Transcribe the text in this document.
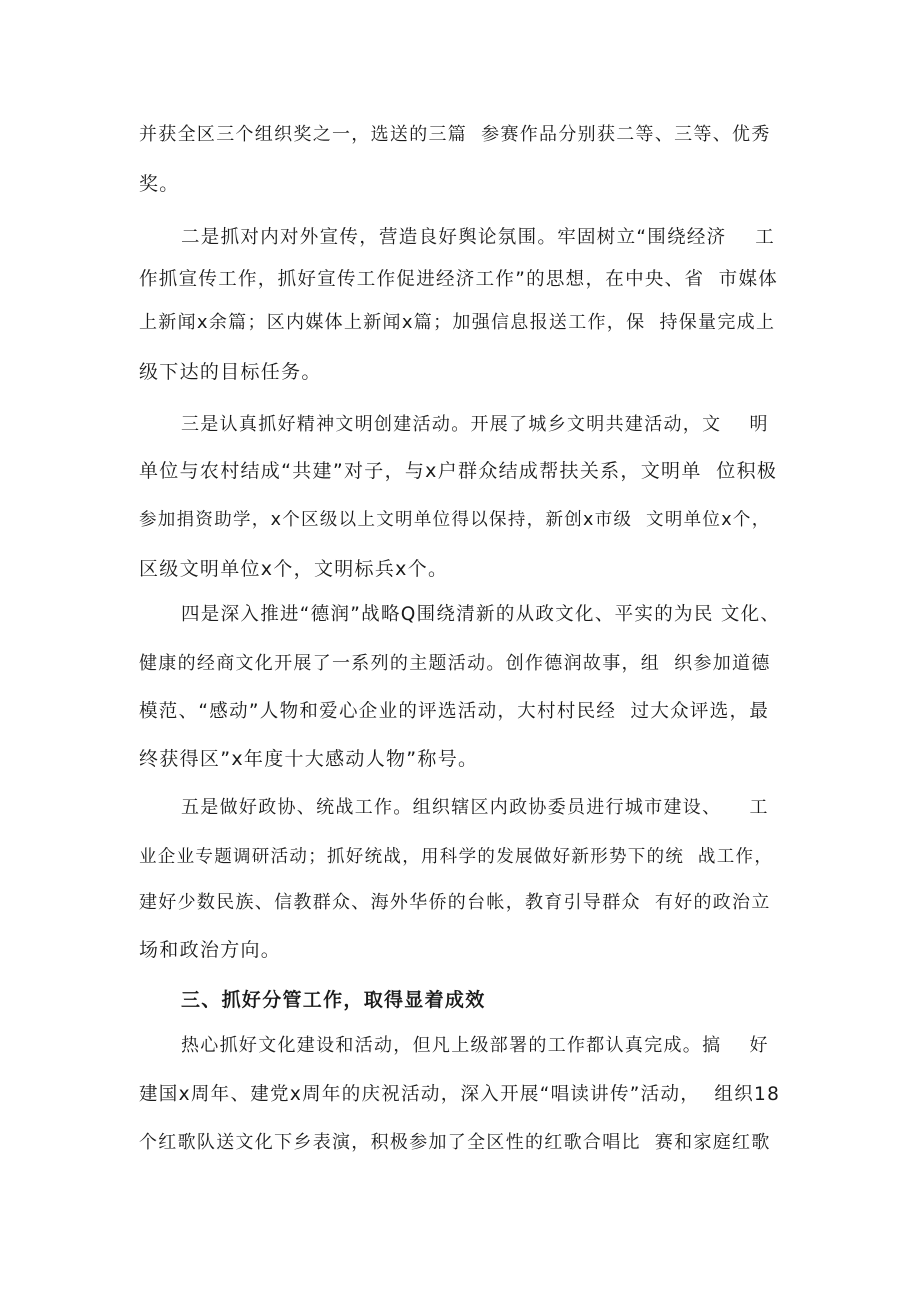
并获全区三个组织奖之一，选送的三篇  参赛作品分别获二等、三等、优秀
奖。
二是抓对内对外宣传，营造良好舆论氛围。牢固树立“围绕经济    工
作抓宣传工作，抓好宣传工作促进经济工作”的思想，在中央、省  市媒体
上新闻x余篇；区内媒体上新闻x篇；加强信息报送工作，保  持保量完成上
级下达的目标任务。
三是认真抓好精神文明创建活动。开展了城乡文明共建活动，文    明
单位与农村结成“共建”对子，与x户群众结成帮扶关系，文明单  位积极
参加捐资助学，x个区级以上文明单位得以保持，新创x市级  文明单位x个，
区级文明单位x个，文明标兵x个。
四是深入推进“德润”战略Q围绕清新的从政文化、平实的为民 文化、
健康的经商文化开展了一系列的主题活动。创作德润故事，组  织参加道德
模范、“感动”人物和爱心企业的评选活动，大村村民经  过大众评选，最
终获得区”x年度十大感动人物”称号。
五是做好政协、统战工作。组织辖区内政协委员进行城市建设、    工
业企业专题调研活动；抓好统战，用科学的发展做好新形势下的统  战工作，
建好少数民族、信教群众、海外华侨的台帐，教育引导群众  有好的政治立
场和政治方向。
三、抓好分管工作，取得显着成效
热心抓好文化建设和活动，但凡上级部署的工作都认真完成。搞    好
建国x周年、建党x周年的庆祝活动，深入开展“唱读讲传”活动，  组织18
个红歌队送文化下乡表演，积极参加了全区性的红歌合唱比  赛和家庭红歌
